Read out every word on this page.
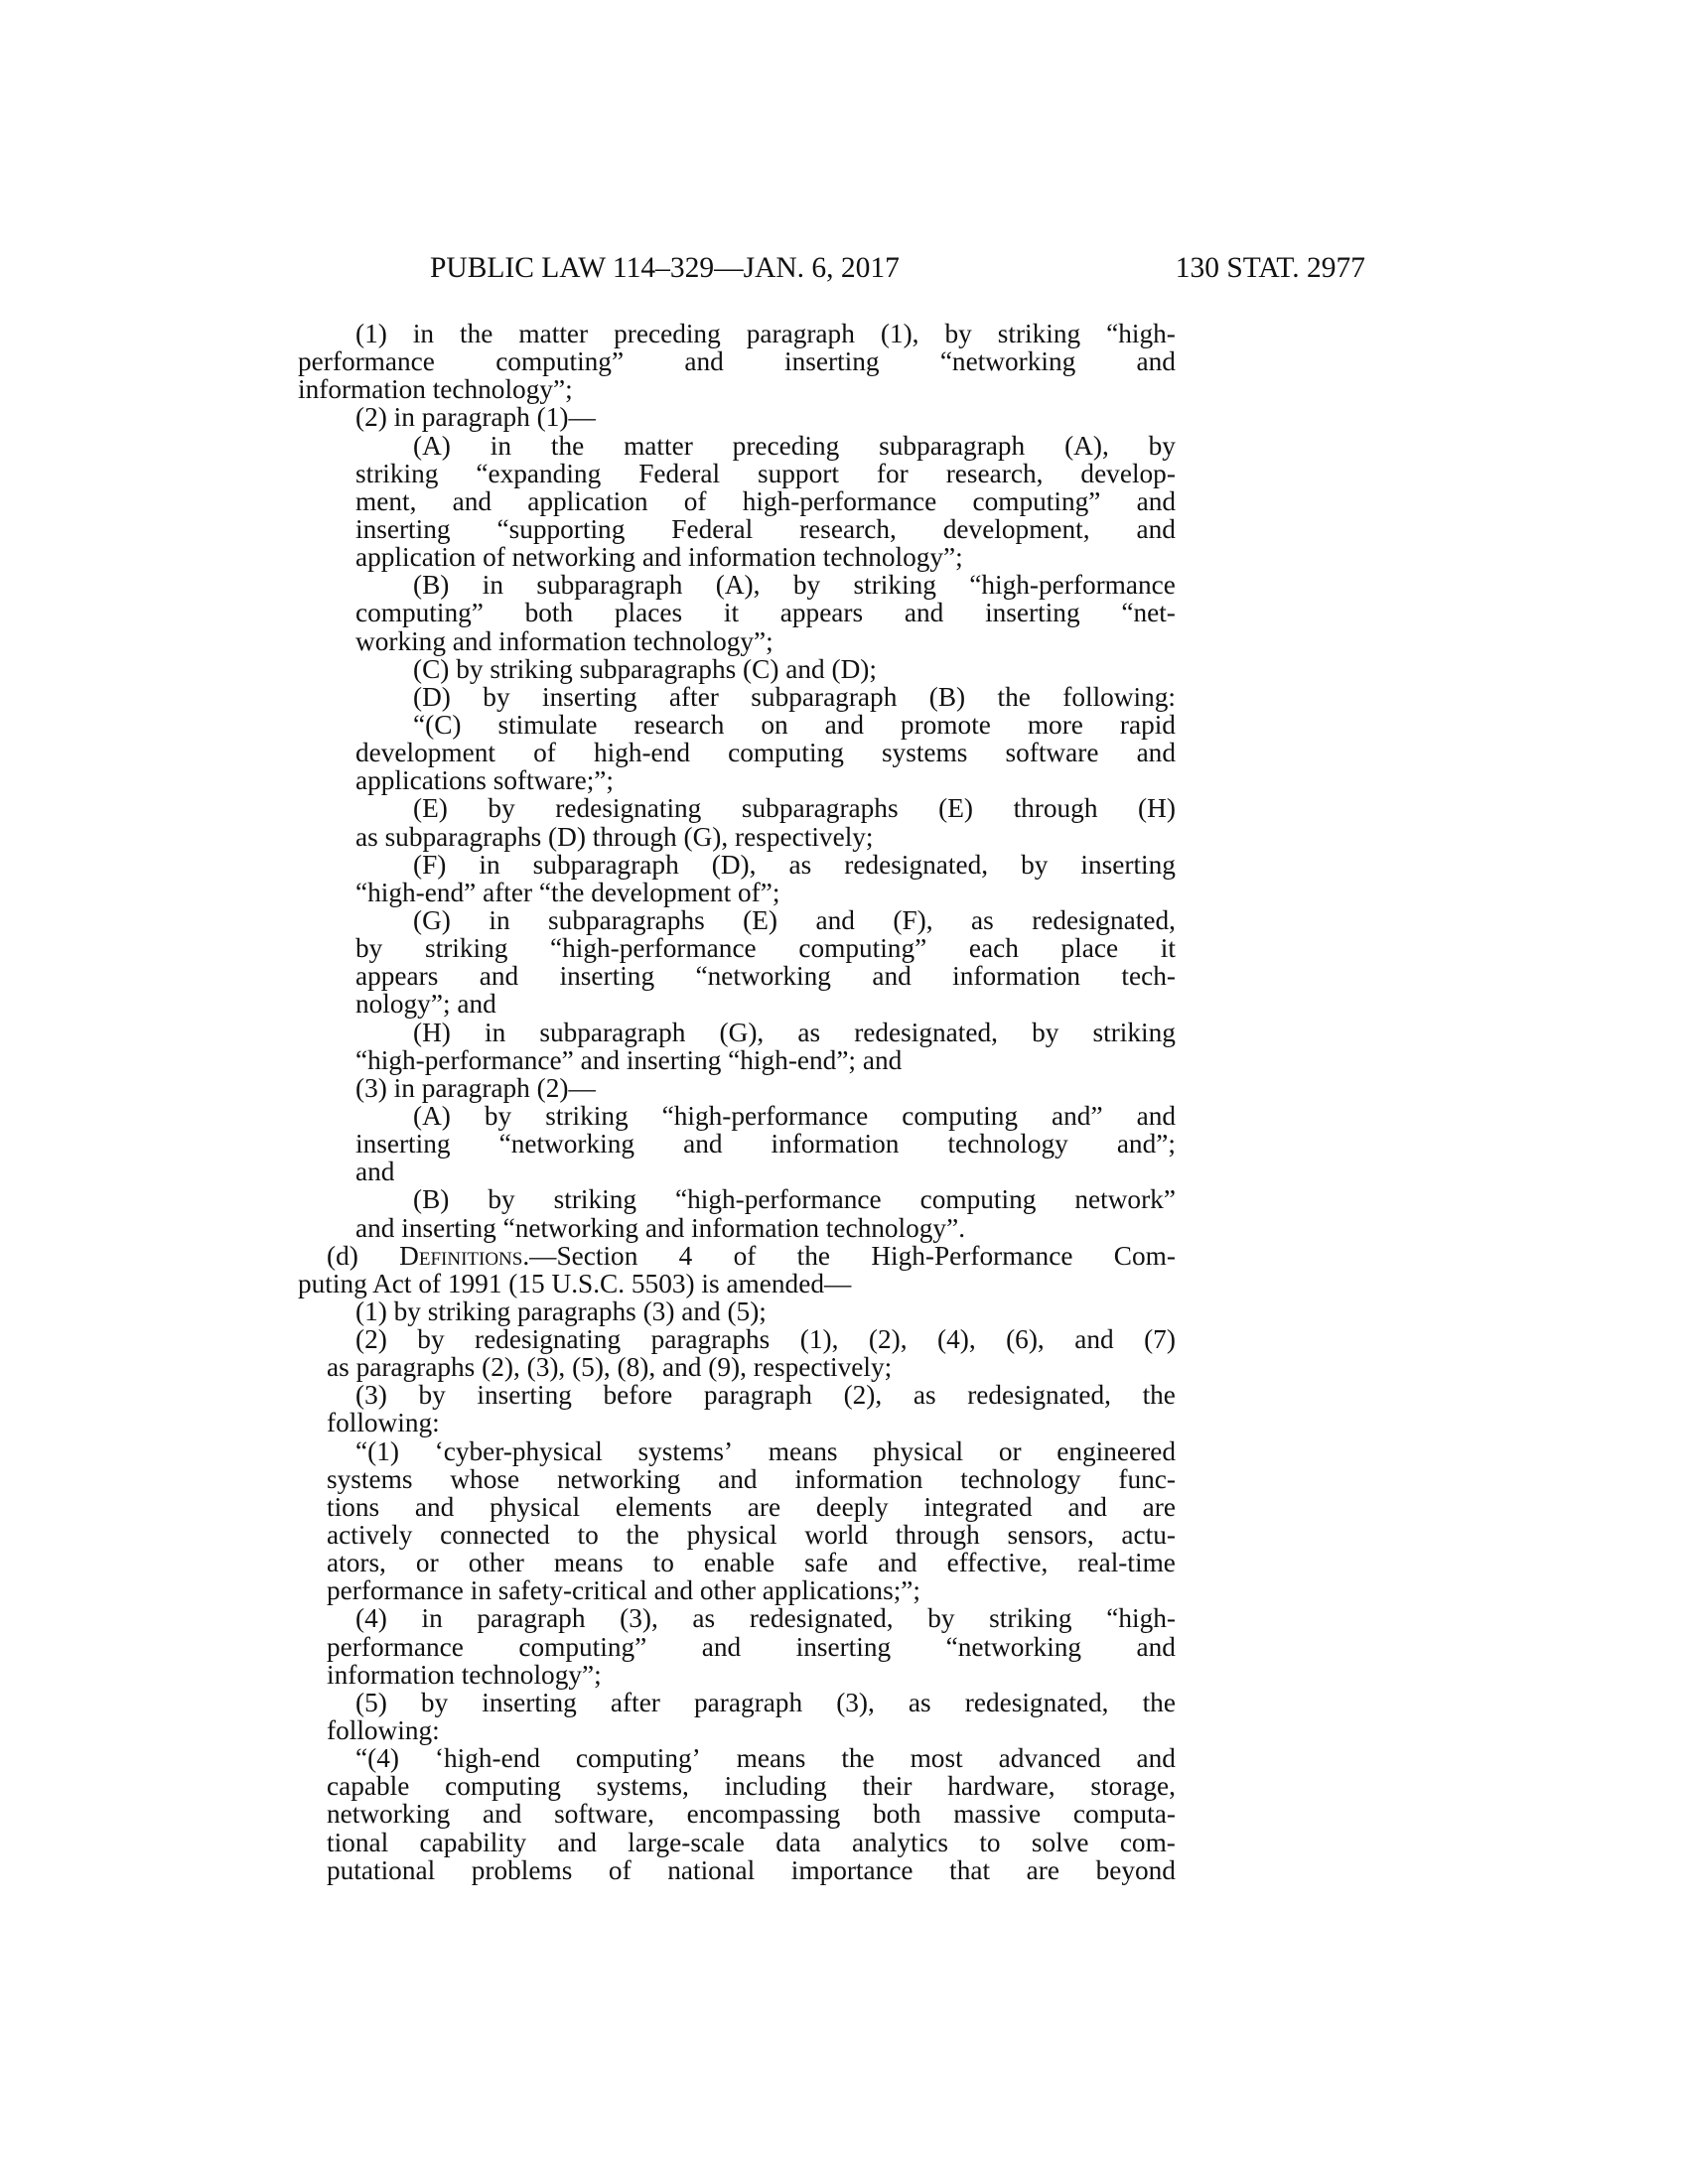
PUBLIC LAW 114–329—JAN. 6, 2017	130 STAT. 2977
(1) in the matter preceding paragraph (1), by striking “high-
performance computing” and inserting “networking and
information technology”;
(2) in paragraph (1)—
(A) in the matter preceding subparagraph (A), by
striking “expanding Federal support for research, develop-
ment, and application of high-performance computing” and
inserting “supporting Federal research, development, and
application of networking and information technology”;
(B) in subparagraph (A), by striking “high-performance
computing” both places it appears and inserting “net-
working and information technology”;
(C) by striking subparagraphs (C) and (D);
(D) by inserting after subparagraph (B) the following:
“(C) stimulate research on and promote more rapid
development of high-end computing systems software and
applications software;”;
(E) by redesignating subparagraphs (E) through (H)
as subparagraphs (D) through (G), respectively;
(F) in subparagraph (D), as redesignated, by inserting
“high-end” after “the development of”;
(G) in subparagraphs (E) and (F), as redesignated,
by striking “high-performance computing” each place it
appears and inserting “networking and information tech-
nology”; and
(H) in subparagraph (G), as redesignated, by striking
“high-performance” and inserting “high-end”; and
(3) in paragraph (2)—
(A) by striking “high-performance computing and” and
inserting “networking and information technology and”;
and
(B) by striking “high-performance computing network”
and inserting “networking and information technology”.
(d) Definitions.—Section 4 of the High-Performance Com-
puting Act of 1991 (15 U.S.C. 5503) is amended—
(1) by striking paragraphs (3) and (5);
(2) by redesignating paragraphs (1), (2), (4), (6), and (7)
as paragraphs (2), (3), (5), (8), and (9), respectively;
(3) by inserting before paragraph (2), as redesignated, the
following:
“(1) ‘cyber-physical systems’ means physical or engineered
systems whose networking and information technology func-
tions and physical elements are deeply integrated and are
actively connected to the physical world through sensors, actu-
ators, or other means to enable safe and effective, real-time
performance in safety-critical and other applications;”;
(4) in paragraph (3), as redesignated, by striking “high-
performance computing” and inserting “networking and
information technology”;
(5) by inserting after paragraph (3), as redesignated, the
following:
“(4) ‘high-end computing’ means the most advanced and
capable computing systems, including their hardware, storage,
networking and software, encompassing both massive computa-
tional capability and large-scale data analytics to solve com-
putational problems of national importance that are beyond
